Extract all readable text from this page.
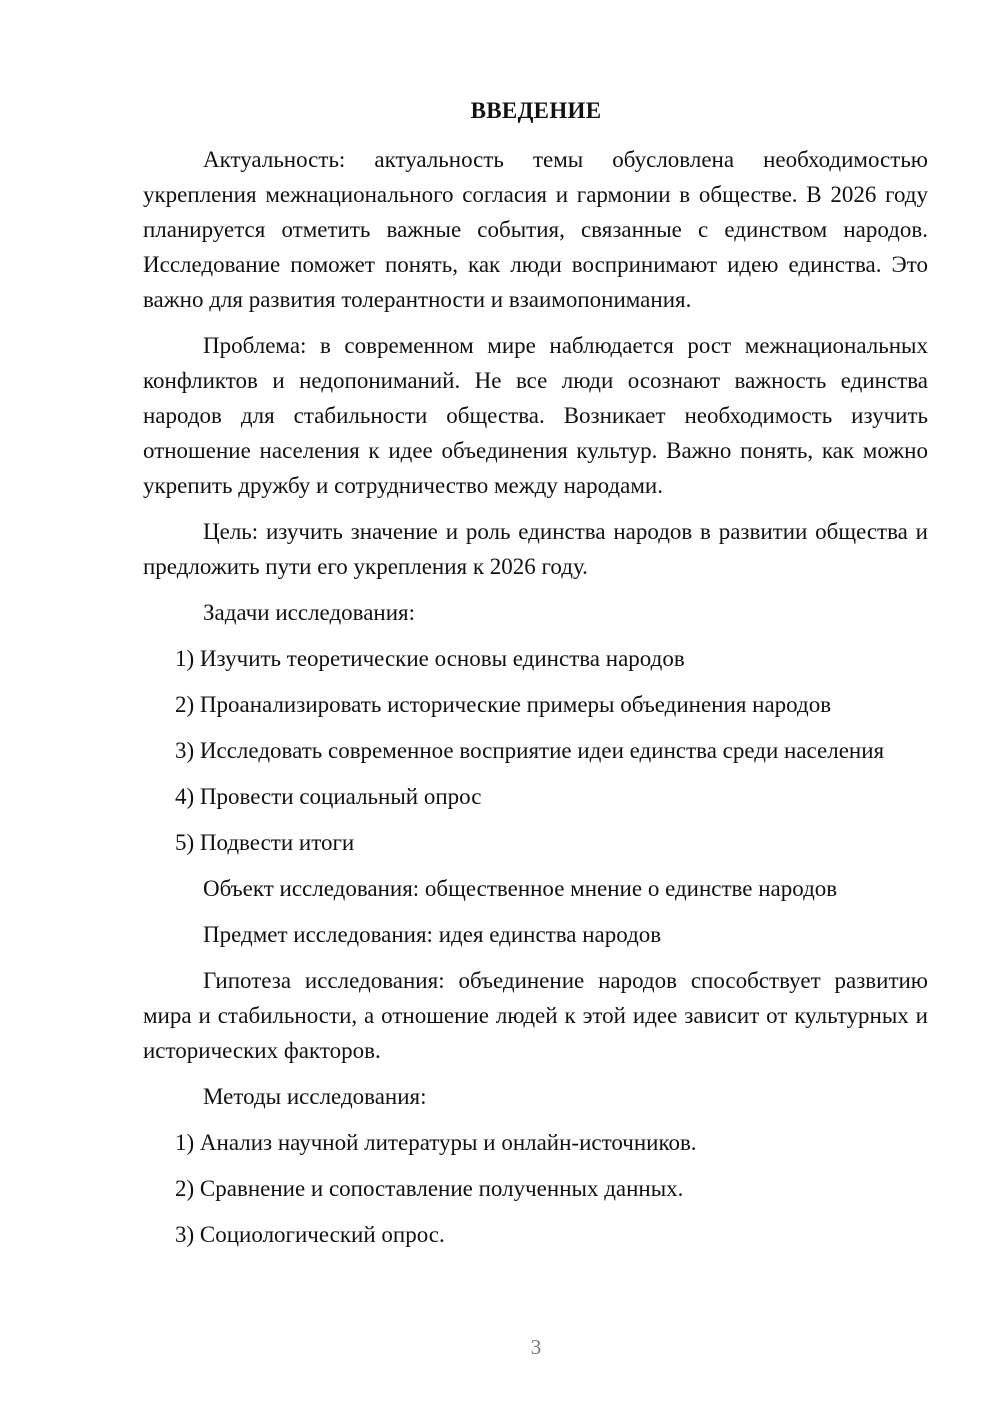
ВВЕДЕНИЕ

Актуальность: актуальность темы обусловлена необходимостью укрепления межнационального согласия и гармонии в обществе. В 2026 году планируется отметить важные события, связанные с единством народов. Исследование поможет понять, как люди воспринимают идею единства. Это важно для развития толерантности и взаимопонимания.

Проблема: в современном мире наблюдается рост межнациональных конфликтов и недопониманий. Не все люди осознают важность единства народов для стабильности общества. Возникает необходимость изучить отношение населения к идее объединения культур. Важно понять, как можно укрепить дружбу и сотрудничество между народами.

Цель: изучить значение и роль единства народов в развитии общества и предложить пути его укрепления к 2026 году.

Задачи исследования:

1) Изучить теоретические основы единства народов

2) Проанализировать исторические примеры объединения народов

3) Исследовать современное восприятие идеи единства среди населения

4) Провести социальный опрос

5) Подвести итоги

Объект исследования: общественное мнение о единстве народов

Предмет исследования: идея единства народов

Гипотеза исследования: объединение народов способствует развитию мира и стабильности, а отношение людей к этой идее зависит от культурных и исторических факторов.

Методы исследования:

1) Анализ научной литературы и онлайн-источников.

2) Сравнение и сопоставление полученных данных.

3) Социологический опрос.

3
